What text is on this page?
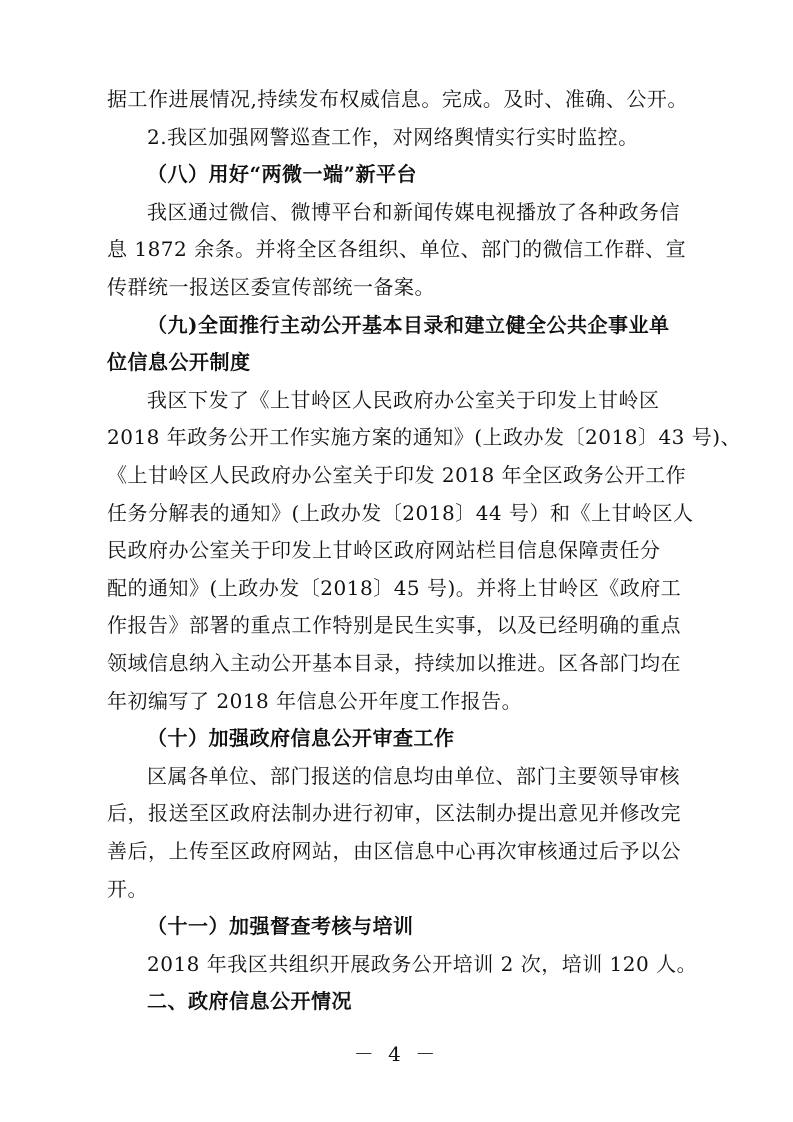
据工作进展情况,持续发布权威信息。完成。及时、准确、公开。
2.我区加强网警巡查工作，对网络舆情实行实时监控。
（八）用好“两微一端”新平台
我区通过微信、微博平台和新闻传媒电视播放了各种政务信
息 1872 余条。并将全区各组织、单位、部门的微信工作群、宣
传群统一报送区委宣传部统一备案。
（九)全面推行主动公开基本目录和建立健全公共企事业单
位信息公开制度
我区下发了《上甘岭区人民政府办公室关于印发上甘岭区
2018 年政务公开工作实施方案的通知》(上政办发〔2018〕43 号)、
《上甘岭区人民政府办公室关于印发 2018 年全区政务公开工作
任务分解表的通知》(上政办发〔2018〕44 号）和《上甘岭区人
民政府办公室关于印发上甘岭区政府网站栏目信息保障责任分
配的通知》(上政办发〔2018〕45 号)。并将上甘岭区《政府工
作报告》部署的重点工作特别是民生实事，以及已经明确的重点
领域信息纳入主动公开基本目录，持续加以推进。区各部门均在
年初编写了 2018 年信息公开年度工作报告。
（十）加强政府信息公开审查工作
区属各单位、部门报送的信息均由单位、部门主要领导审核
后，报送至区政府法制办进行初审，区法制办提出意见并修改完
善后，上传至区政府网站，由区信息中心再次审核通过后予以公
开。
（十一）加强督查考核与培训
2018 年我区共组织开展政务公开培训 2 次，培训 120 人。
二、政府信息公开情况
－ 4 －
